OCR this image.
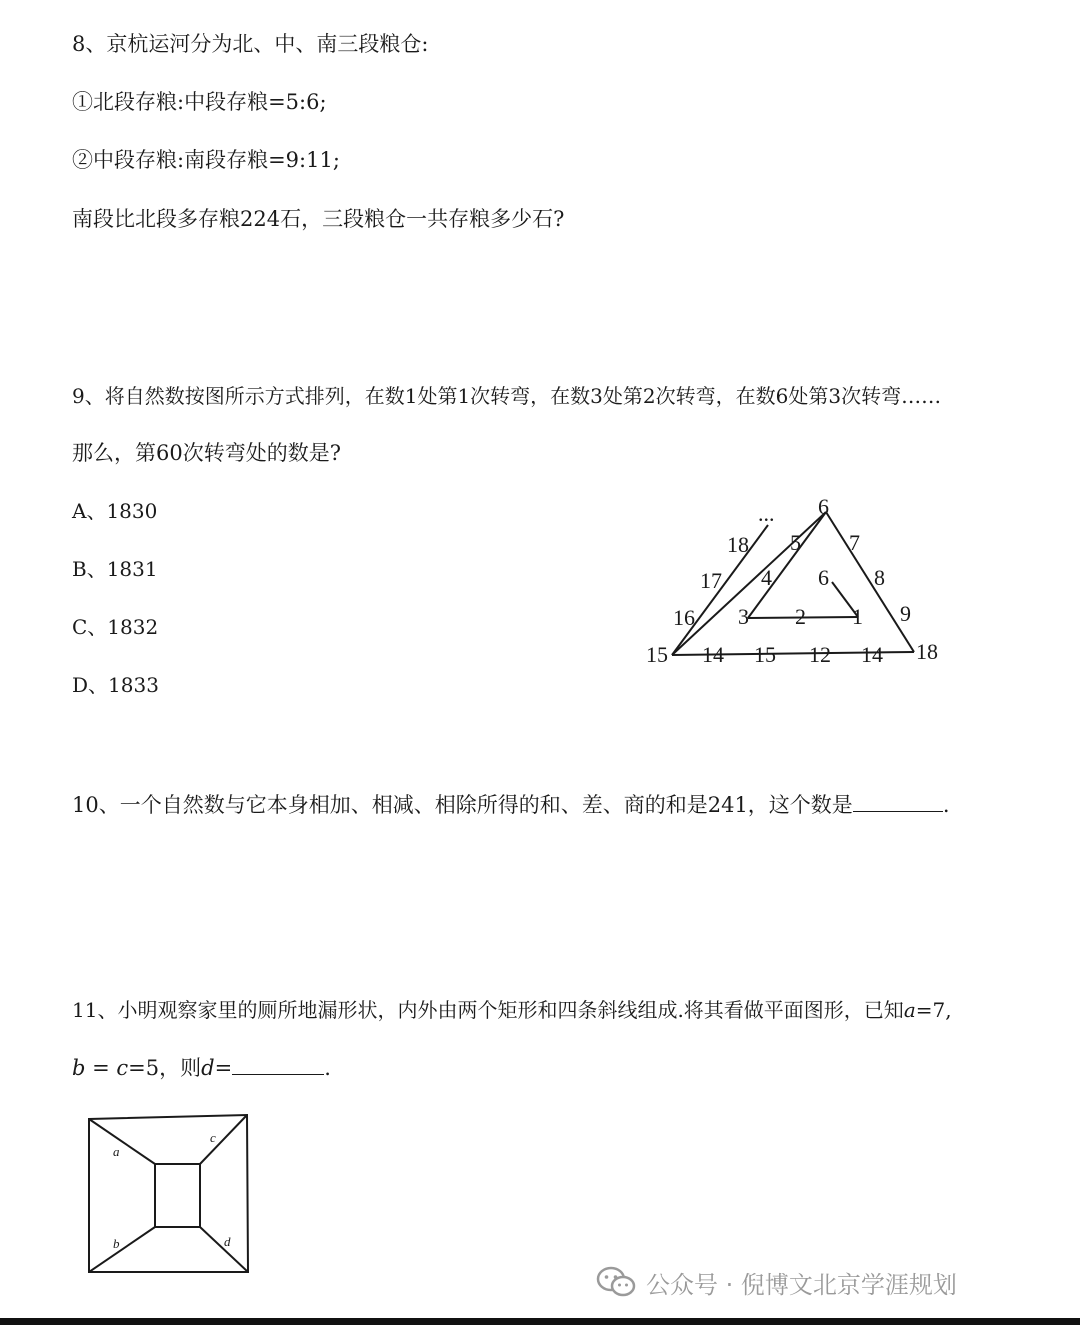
8、京杭运河分为北、中、南三段粮仓:
①北段存粮:中段存粮=5:6;
②中段存粮:南段存粮=9:11;
南段比北段多存粮224石，三段粮仓一共存粮多少石?
9、将自然数按图所示方式排列，在数1处第1次转弯，在数3处第2次转弯，在数6处第3次转弯……
那么，第60次转弯处的数是?
A、1830
B、1831
C、1832
D、1833
6
5 7
4 6 8
3 2 1 9
18
17
16
...
15 14 15 12 14 18
10、一个自然数与它本身相加、相减、相除所得的和、差、商的和是241，这个数是	.
11、小明观察家里的厕所地漏形状，内外由两个矩形和四条斜线组成.将其看做平面图形，已知a=7,
b = c=5，则d=	.
a
c
b	d
公众号 · 倪博文北京学涯规划
